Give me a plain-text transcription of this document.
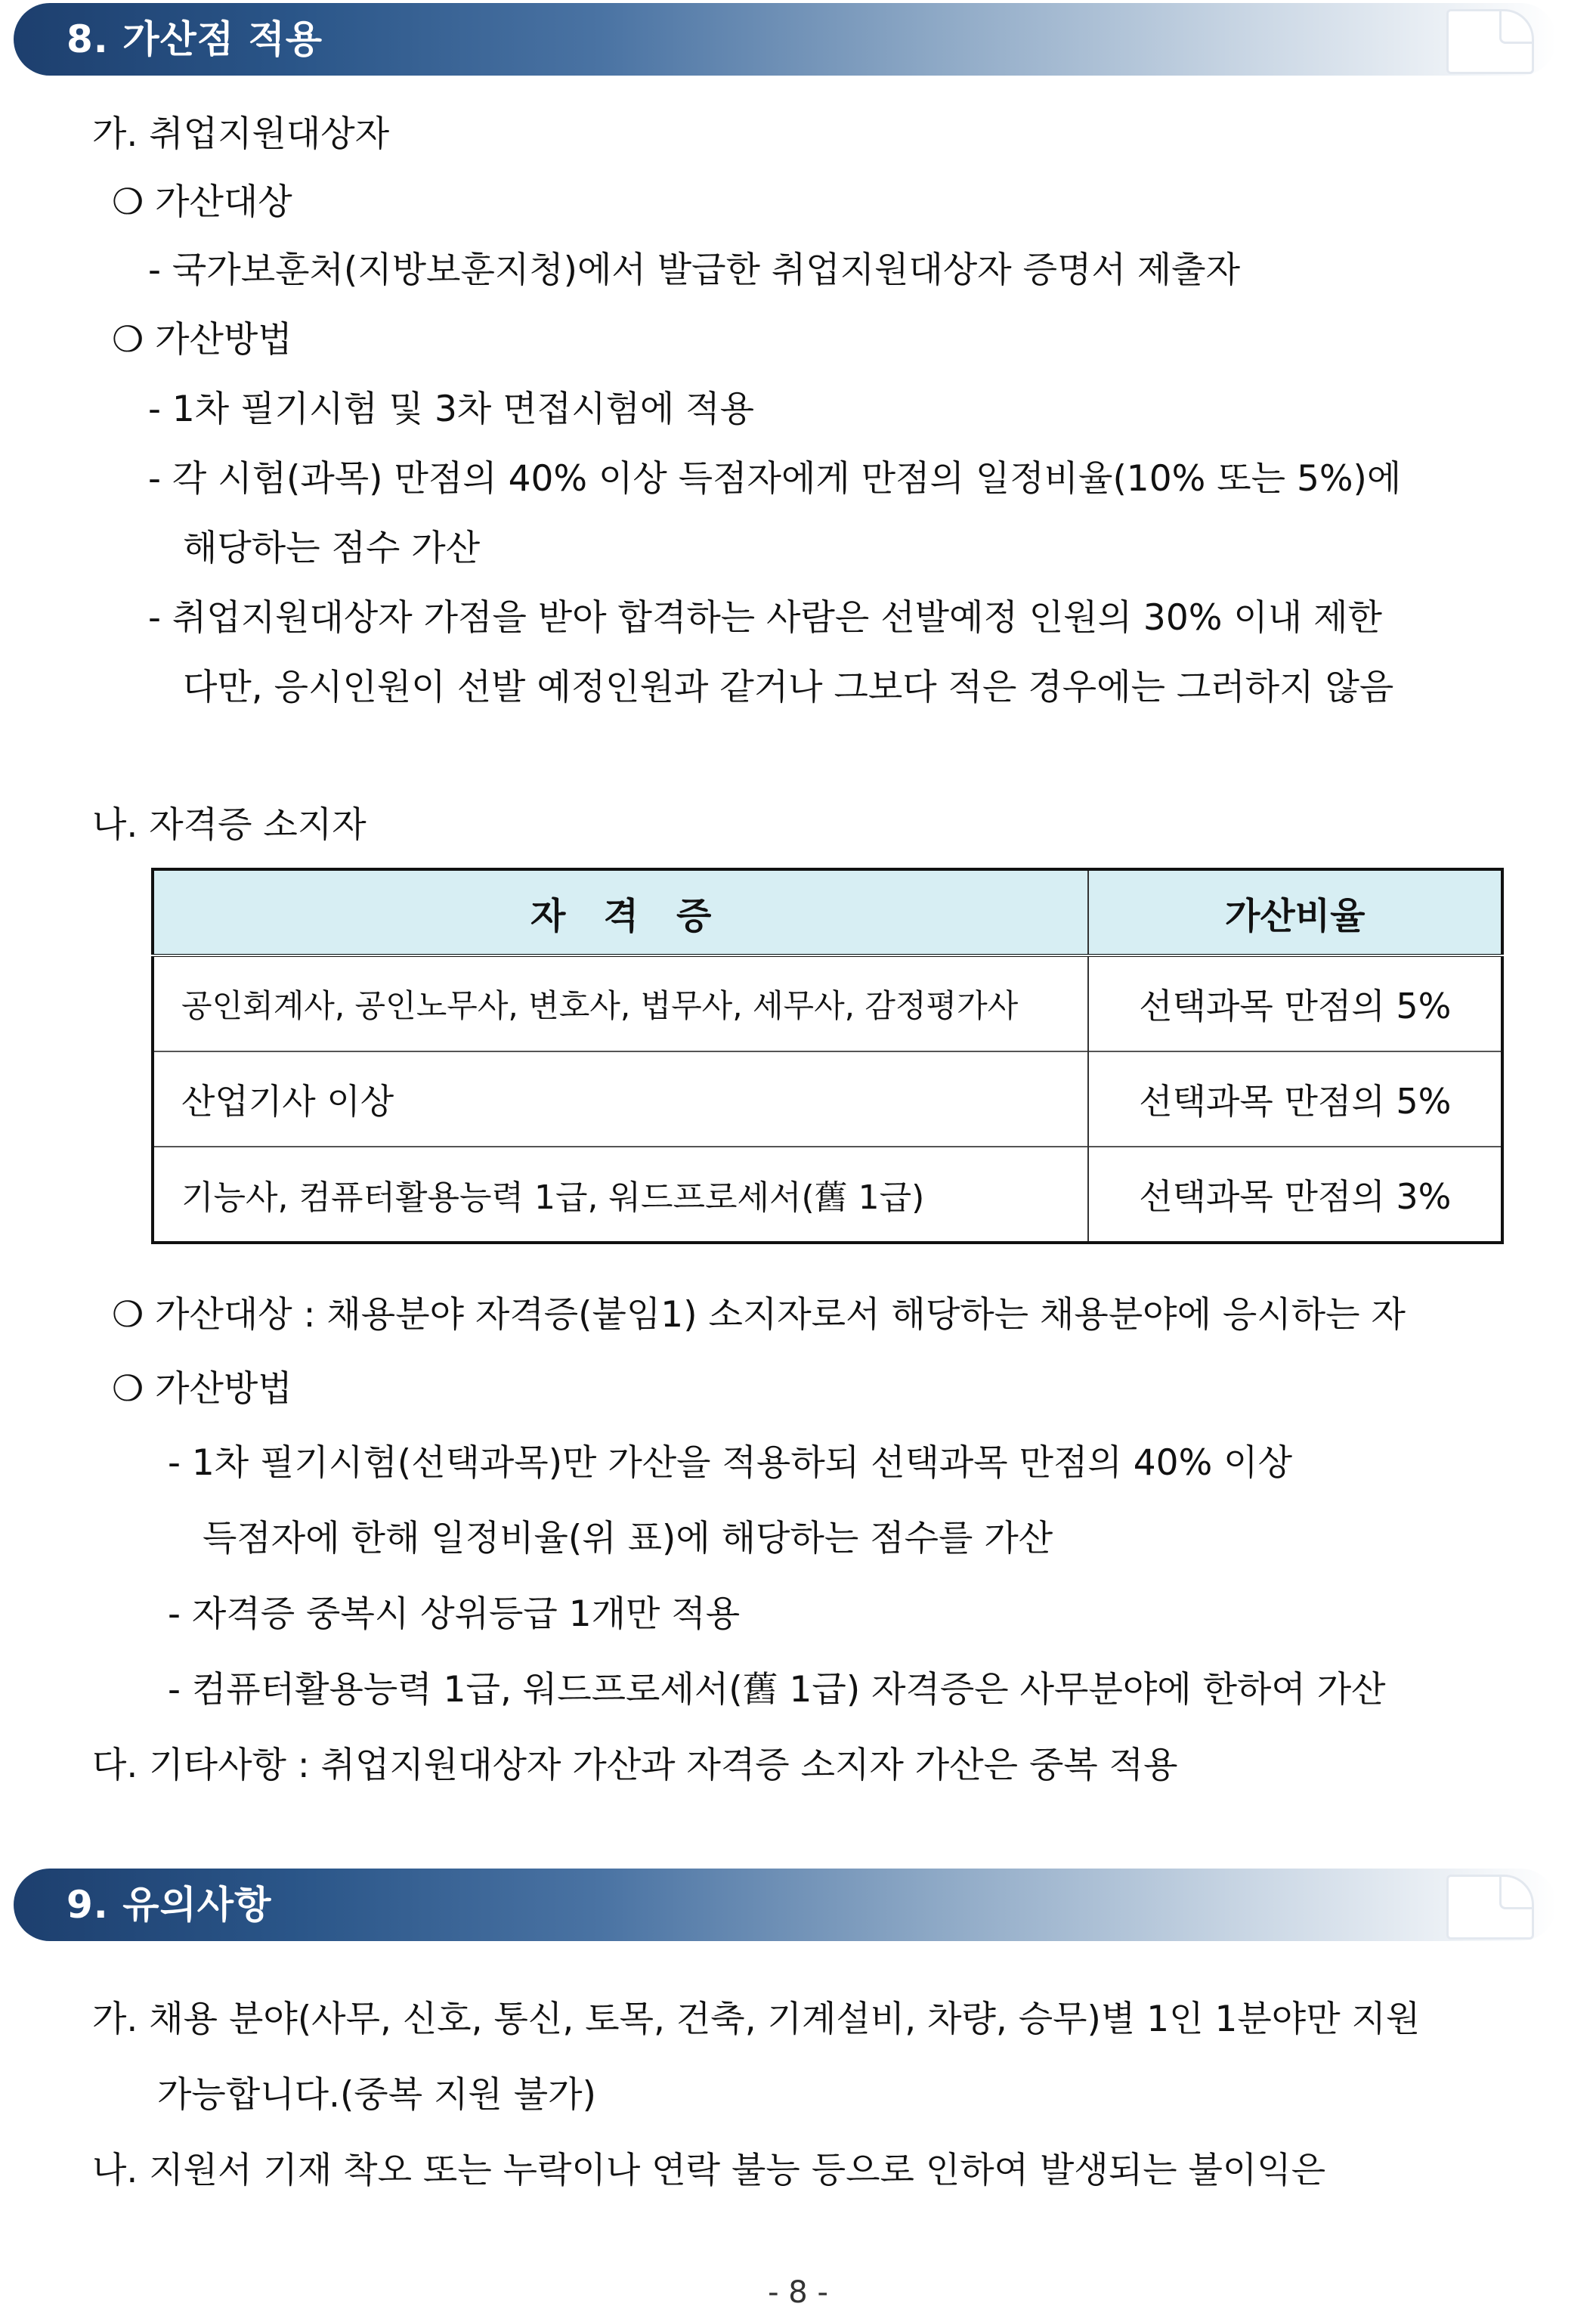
8. 가산점 적용
가. 취업지원대상자
❍ 가산대상
- 국가보훈처(지방보훈지청)에서 발급한 취업지원대상자 증명서 제출자
❍ 가산방법
- 1차 필기시험 및 3차 면접시험에 적용
- 각 시험(과목) 만점의 40% 이상 득점자에게 만점의 일정비율(10% 또는 5%)에
해당하는 점수 가산
- 취업지원대상자 가점을 받아 합격하는 사람은 선발예정 인원의 30% 이내 제한
다만, 응시인원이 선발 예정인원과 같거나 그보다 적은 경우에는 그러하지 않음
나. 자격증 소지자
자   격   증	가산비율
공인회계사, 공인노무사, 변호사, 법무사, 세무사, 감정평가사	선택과목 만점의 5%
산업기사 이상	선택과목 만점의 5%
기능사, 컴퓨터활용능력 1급, 워드프로세서(舊 1급)	선택과목 만점의 3%
❍ 가산대상 : 채용분야 자격증(붙임1) 소지자로서 해당하는 채용분야에 응시하는 자
❍ 가산방법
- 1차 필기시험(선택과목)만 가산을 적용하되 선택과목 만점의 40% 이상
득점자에 한해 일정비율(위 표)에 해당하는 점수를 가산
- 자격증 중복시 상위등급 1개만 적용
- 컴퓨터활용능력 1급, 워드프로세서(舊 1급) 자격증은 사무분야에 한하여 가산
다. 기타사항 : 취업지원대상자 가산과 자격증 소지자 가산은 중복 적용
9. 유의사항
가. 채용 분야(사무, 신호, 통신, 토목, 건축, 기계설비, 차량, 승무)별 1인 1분야만 지원
가능합니다.(중복 지원 불가)
나. 지원서 기재 착오 또는 누락이나 연락 불능 등으로 인하여 발생되는 불이익은
- 8 -
